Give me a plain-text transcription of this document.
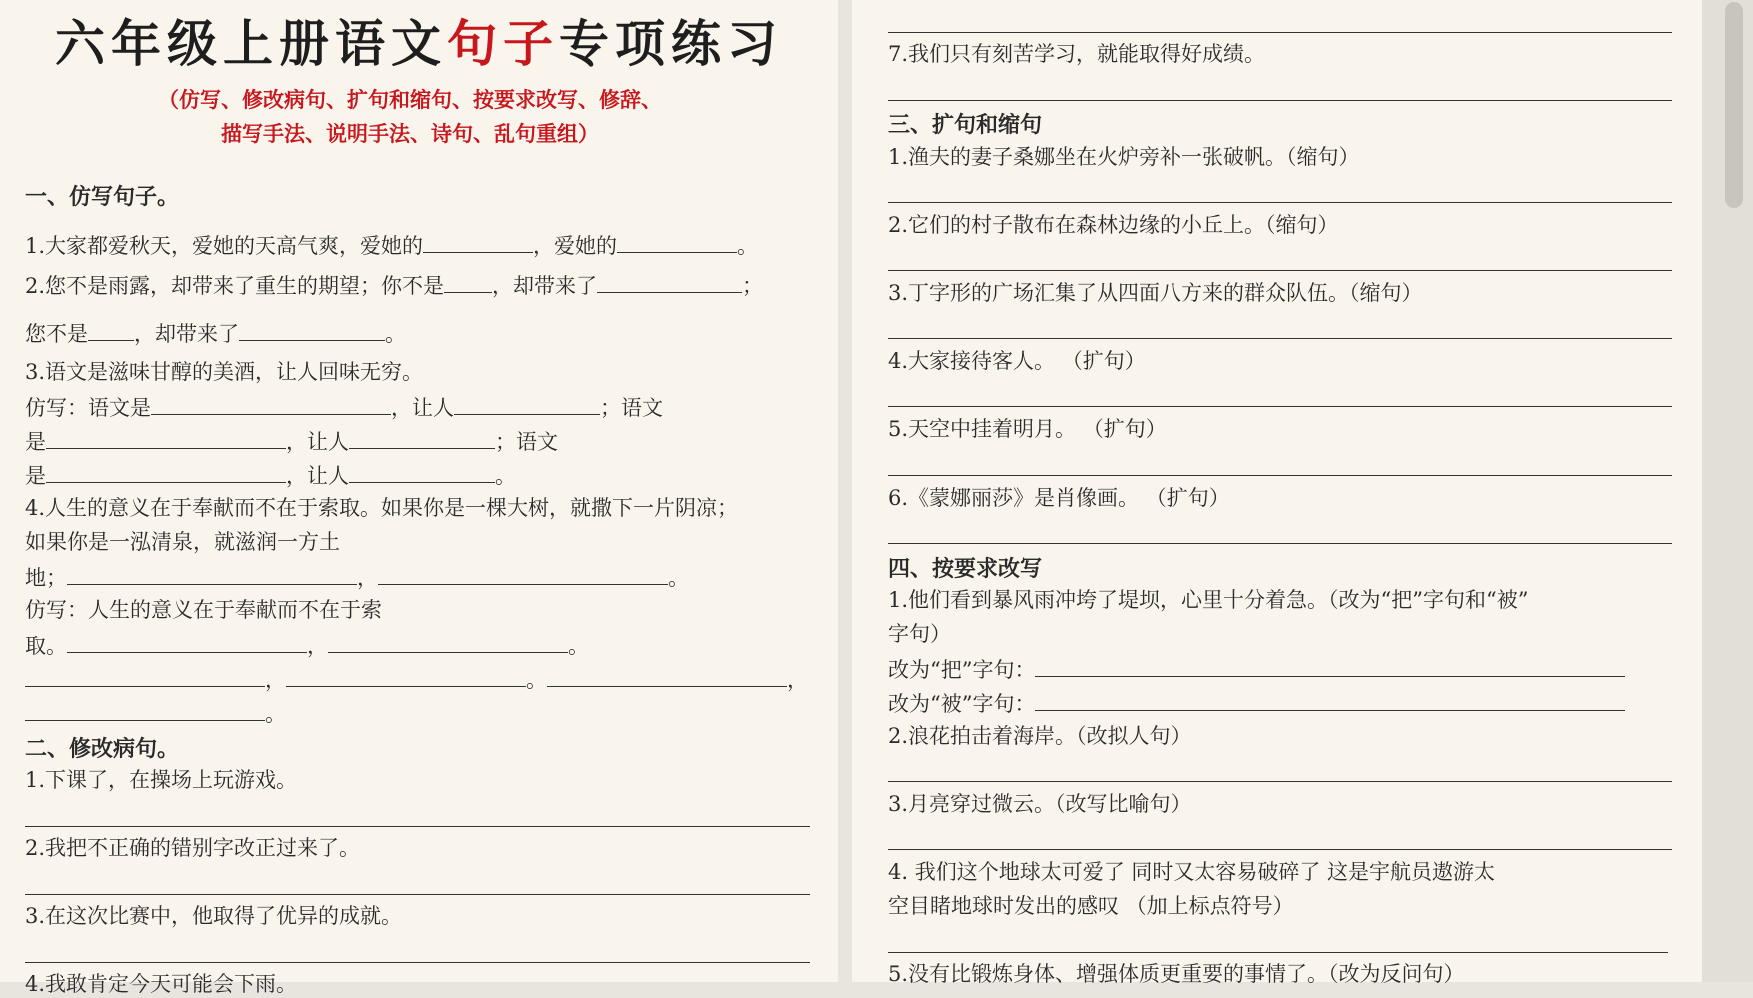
六年级上册语文句子专项练习
（仿写、修改病句、扩句和缩句、按要求改写、修辞、
描写手法、说明手法、诗句、乱句重组）
一、仿写句子。
1.大家都爱秋天，爱她的天高气爽，爱她的	，爱她的	。
2.您不是雨露，却带来了重生的期望；你不是 ，却带来了	；
您不是 ，却带来了	。
3.语文是滋味甘醇的美酒，让人回味无穷。
仿写：语文是	，让人	；语文
是	，让人	；语文
是	，让人	。
4.人生的意义在于奉献而不在于索取。如果你是一棵大树，就撒下一片阴凉；
如果你是一泓清泉，就滋润一方土
地；	，	。
仿写：人生的意义在于奉献而不在于索
取。	，	。
，	。	，
。
二、修改病句。
1.下课了，在操场上玩游戏。
2.我把不正确的错别字改正过来了。
3.在这次比赛中，他取得了优异的成就。
4.我敢肯定今天可能会下雨。
7.我们只有刻苦学习，就能取得好成绩。
三、扩句和缩句
1.渔夫的妻子桑娜坐在火炉旁补一张破帆。（缩句）
2.它们的村子散布在森林边缘的小丘上。（缩句）
3.丁字形的广场汇集了从四面八方来的群众队伍。（缩句）
4.大家接待客人。 （扩句）
5.天空中挂着明月。 （扩句）
6.《蒙娜丽莎》是肖像画。 （扩句）
四、按要求改写
1.他们看到暴风雨冲垮了堤坝，心里十分着急。（改为“把”字句和“被”
字句）
改为“把”字句：
改为“被”字句：
2.浪花拍击着海岸。（改拟人句）
3.月亮穿过微云。（改写比喻句）
4. 我们这个地球太可爱了 同时又太容易破碎了 这是宇航员遨游太
空目睹地球时发出的感叹 （加上标点符号）
5.没有比锻炼身体、增强体质更重要的事情了。（改为反问句）
